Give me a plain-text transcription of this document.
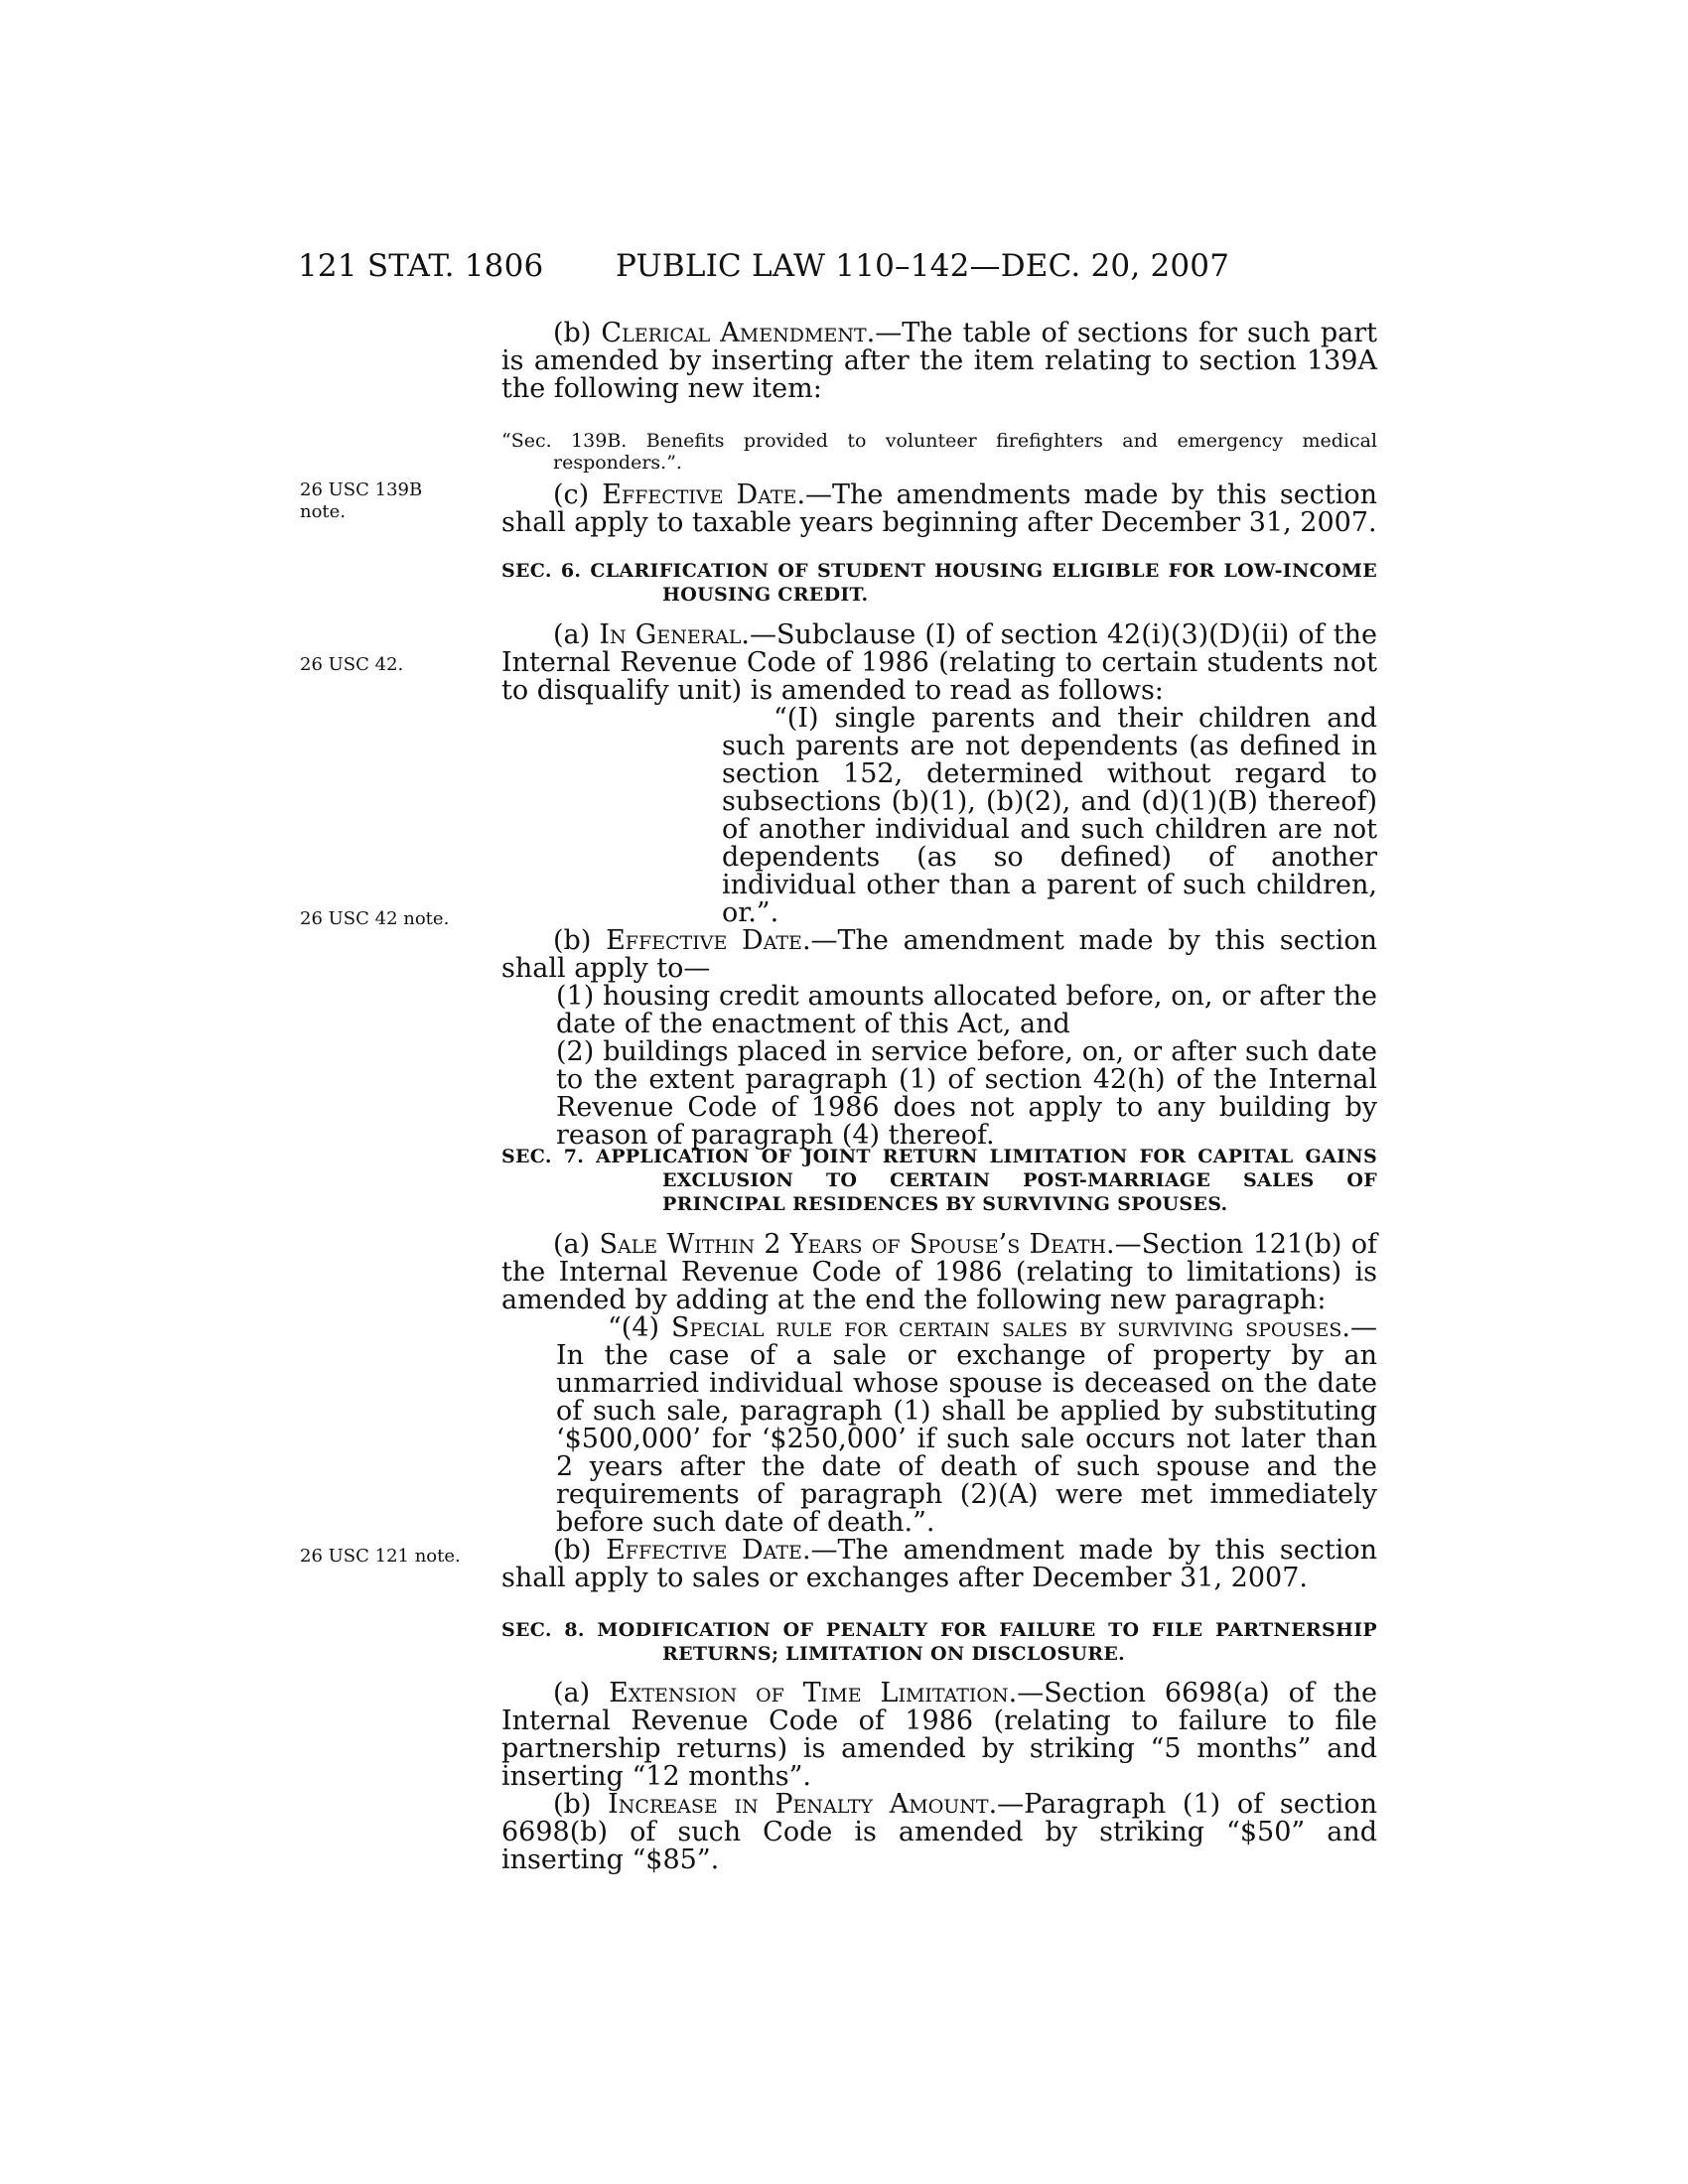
121 STAT. 1806 PUBLIC LAW 110–142—DEC. 20, 2007
26 USC 139B
note.
26 USC 42.
26 USC 42 note.
26 USC 121 note.

(b) Clerical Amendment.—The table of sections for such part is amended by inserting after the item relating to section 139A the following new item:

“Sec. 139B. Benefits provided to volunteer firefighters and emergency medical responders.”.

(c) Effective Date.—The amendments made by this section shall apply to taxable years beginning after December 31, 2007.

SEC. 6. CLARIFICATION OF STUDENT HOUSING ELIGIBLE FOR LOW-INCOME HOUSING CREDIT.

(a) In General.—Subclause (I) of section 42(i)(3)(D)(ii) of the Internal Revenue Code of 1986 (relating to certain students not to disqualify unit) is amended to read as follows:

“(I) single parents and their children and such parents are not dependents (as defined in section 152, determined without regard to subsections (b)(1), (b)(2), and (d)(1)(B) thereof) of another individual and such children are not dependents (as so defined) of another individual other than a parent of such children, or.”.

(b) Effective Date.—The amendment made by this section shall apply to—

(1) housing credit amounts allocated before, on, or after the date of the enactment of this Act, and

(2) buildings placed in service before, on, or after such date to the extent paragraph (1) of section 42(h) of the Internal Revenue Code of 1986 does not apply to any building by reason of paragraph (4) thereof.

SEC. 7. APPLICATION OF JOINT RETURN LIMITATION FOR CAPITAL GAINS EXCLUSION TO CERTAIN POST-MARRIAGE SALES OF PRINCIPAL RESIDENCES BY SURVIVING SPOUSES.

(a) Sale Within 2 Years of Spouse’s Death.—Section 121(b) of the Internal Revenue Code of 1986 (relating to limitations) is amended by adding at the end the following new paragraph:

“(4) Special rule for certain sales by surviving spouses.—In the case of a sale or exchange of property by an unmarried individual whose spouse is deceased on the date of such sale, paragraph (1) shall be applied by substituting ‘$500,000’ for ‘$250,000’ if such sale occurs not later than 2 years after the date of death of such spouse and the requirements of paragraph (2)(A) were met immediately before such date of death.”.

(b) Effective Date.—The amendment made by this section shall apply to sales or exchanges after December 31, 2007.

SEC. 8. MODIFICATION OF PENALTY FOR FAILURE TO FILE PARTNERSHIP RETURNS; LIMITATION ON DISCLOSURE.

(a) Extension of Time Limitation.—Section 6698(a) of the Internal Revenue Code of 1986 (relating to failure to file partnership returns) is amended by striking “5 months” and inserting “12 months”.

(b) Increase in Penalty Amount.—Paragraph (1) of section 6698(b) of such Code is amended by striking “$50” and inserting “$85”.
